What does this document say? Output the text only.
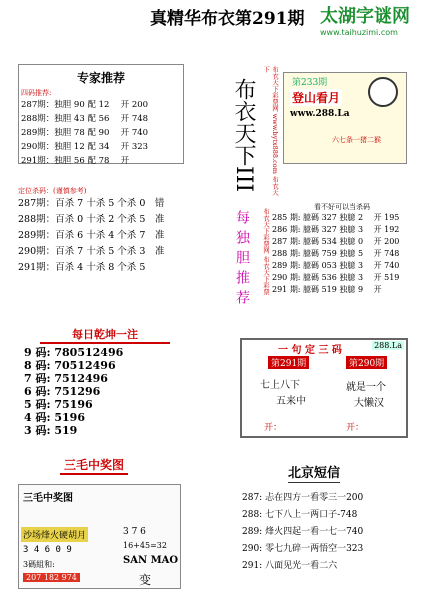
真精华布衣第291期 太湖字谜网
www.taihuzimi.com
专家推荐
四码推荐:
287期：独胆 90 配 12　 开 200
288期：独胆 43 配 56　 开 748
289期：独胆 78 配 90　 开 740
290期：独胆 12 配 34　 开 323
291期：独胆 56 配 78　 开
定位杀码：(谨慎参考)
287期：百杀 7 十杀 5 个杀 0　错
288期：百杀 0 十杀 2 个杀 5　准
289期：百杀 6 十杀 4 个杀 7　准
290期：百杀 7 十杀 5 个杀 3　准
291期：百杀 4 十杀 8 个杀 5
每日乾坤一注
9 码: 780512496
8 码: 70512496
7 码: 7512496
6 码: 751296
5 码: 75196
4 码: 5196
3 码: 519
三毛中奖图
三毛中奖图
沙场烽火硬胡月
3 4 6 0 9
3碼組和:
207 182 974
3 7 6
16+45=32
SAN MAO
变
布衣天下彩票网 www.bytx888.com 布衣天下
布衣天下III	第233期
登山看月
www.288.La
六七条一猪二猴
布衣天下彩票网 布衣天下彩票
每独胆推荐
看不好可以当杀码
285 期: 臆碼 327 独臆 2　 开 195
286 期: 臆碼 327 独臆 3　 开 192
287 期: 臆碼 534 独臆 0　 开 200
288 期: 臆碼 759 独臆 5　 开 748
289 期: 臆碼 053 独臆 3　 开 740
290 期: 臆碼 536 独臆 3　 开 519
291 期: 臆碼 519 独臆 9　 开
一 句 定 三 码	288.La
第291期	第290期
七上八下
五来中
就是一个
大懒汉
开：	开：
北京短信
287: 忐在四方一看零三一200
288: 七下八上一两口子-748
289: 烽火四起一看一七一740
290: 零七九碎一两悟空一323
291: 八面见光一看二六
